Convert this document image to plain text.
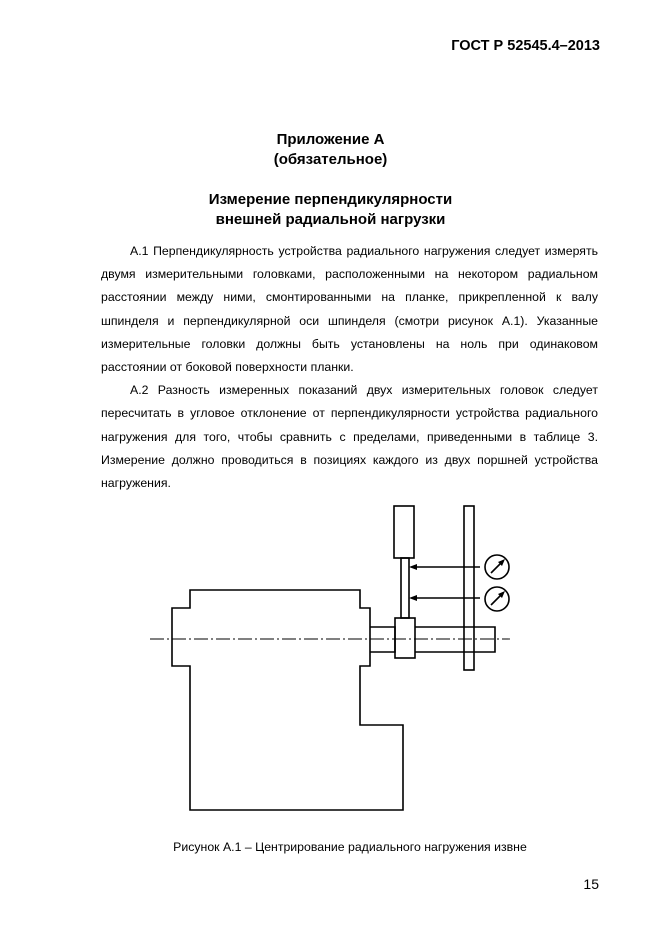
ГОСТ Р 52545.4–2013
Приложение А
(обязательное)
Измерение перпендикулярности
внешней радиальной нагрузки

А.1 Перпендикулярность устройства радиального нагружения следует измерять двумя измерительными головками, расположенными на некотором радиальном расстоянии между ними, смонтированными на планке, прикрепленной к валу шпинделя и перпендикулярной оси шпинделя (смотри рисунок А.1). Указанные измерительные головки должны быть установлены на ноль при одинаковом расстоянии от боковой поверхности планки.

А.2 Разность измеренных показаний двух измерительных головок следует пересчитать в угловое отклонение от перпендикулярности устройства радиального нагружения для того, чтобы сравнить с пределами, приведенными в таблице 3. Измерение должно проводиться в позициях каждого из двух поршней устройства нагружения.

Рисунок А.1 – Центрирование радиального нагружения извне
15
